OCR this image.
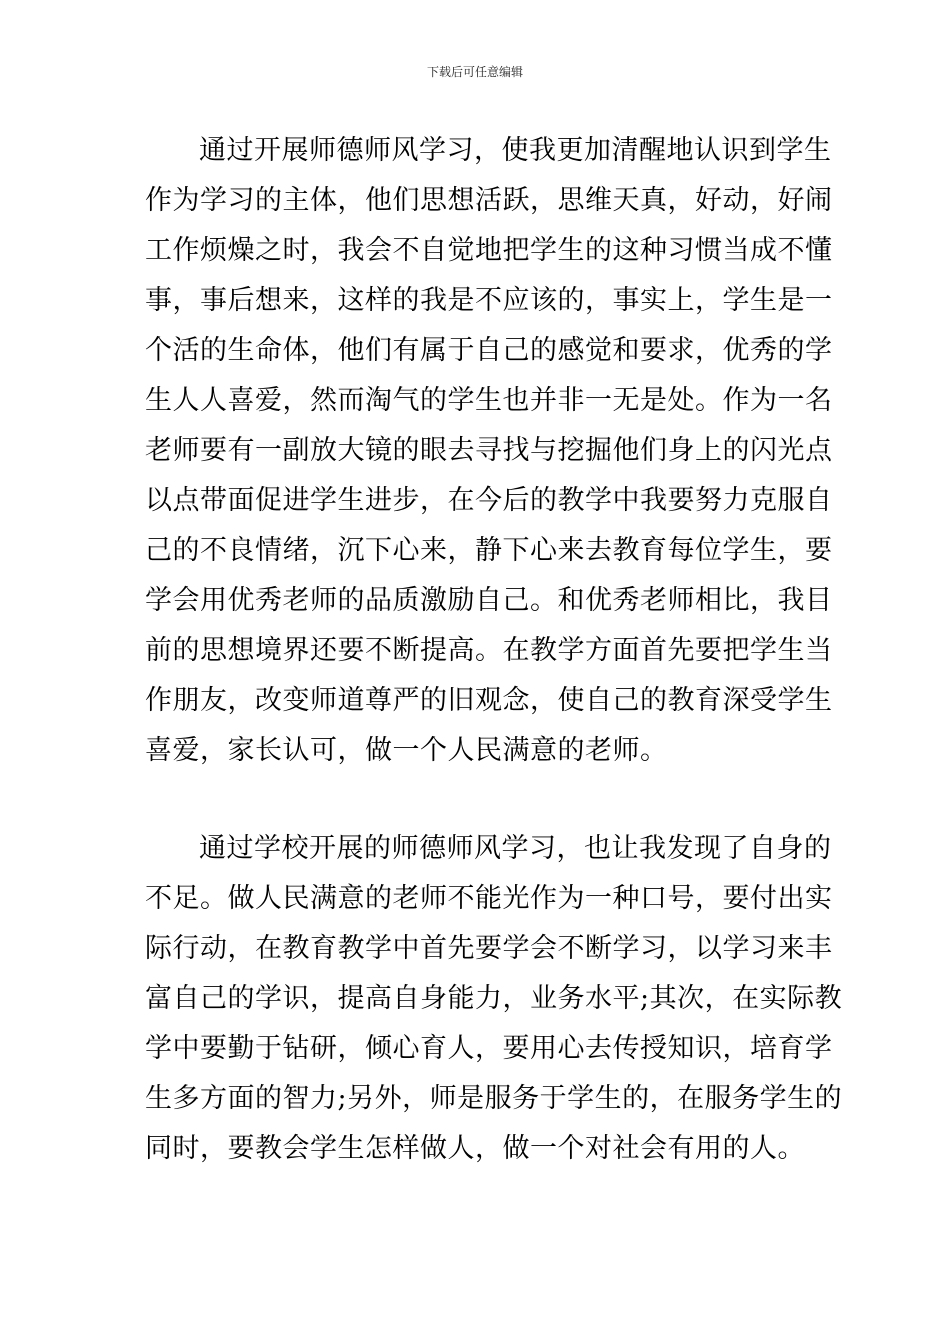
下载后可任意编辑
通过开展师德师风学习，使我更加清醒地认识到学生
作为学习的主体，他们思想活跃，思维天真，好动，好闹
工作烦燥之时，我会不自觉地把学生的这种习惯当成不懂
事，事后想来，这样的我是不应该的，事实上，学生是一
个活的生命体，他们有属于自己的感觉和要求，优秀的学
生人人喜爱，然而淘气的学生也并非一无是处。作为一名
老师要有一副放大镜的眼去寻找与挖掘他们身上的闪光点
以点带面促进学生进步，在今后的教学中我要努力克服自
己的不良情绪，沉下心来，静下心来去教育每位学生，要
学会用优秀老师的品质激励自己。和优秀老师相比，我目
前的思想境界还要不断提高。在教学方面首先要把学生当
作朋友，改变师道尊严的旧观念，使自己的教育深受学生
喜爱，家长认可，做一个人民满意的老师。
通过学校开展的师德师风学习，也让我发现了自身的
不足。做人民满意的老师不能光作为一种口号，要付出实
际行动，在教育教学中首先要学会不断学习，以学习来丰
富自己的学识，提高自身能力，业务水平;其次，在实际教
学中要勤于钻研，倾心育人，要用心去传授知识，培育学
生多方面的智力;另外，师是服务于学生的，在服务学生的
同时，要教会学生怎样做人，做一个对社会有用的人。
